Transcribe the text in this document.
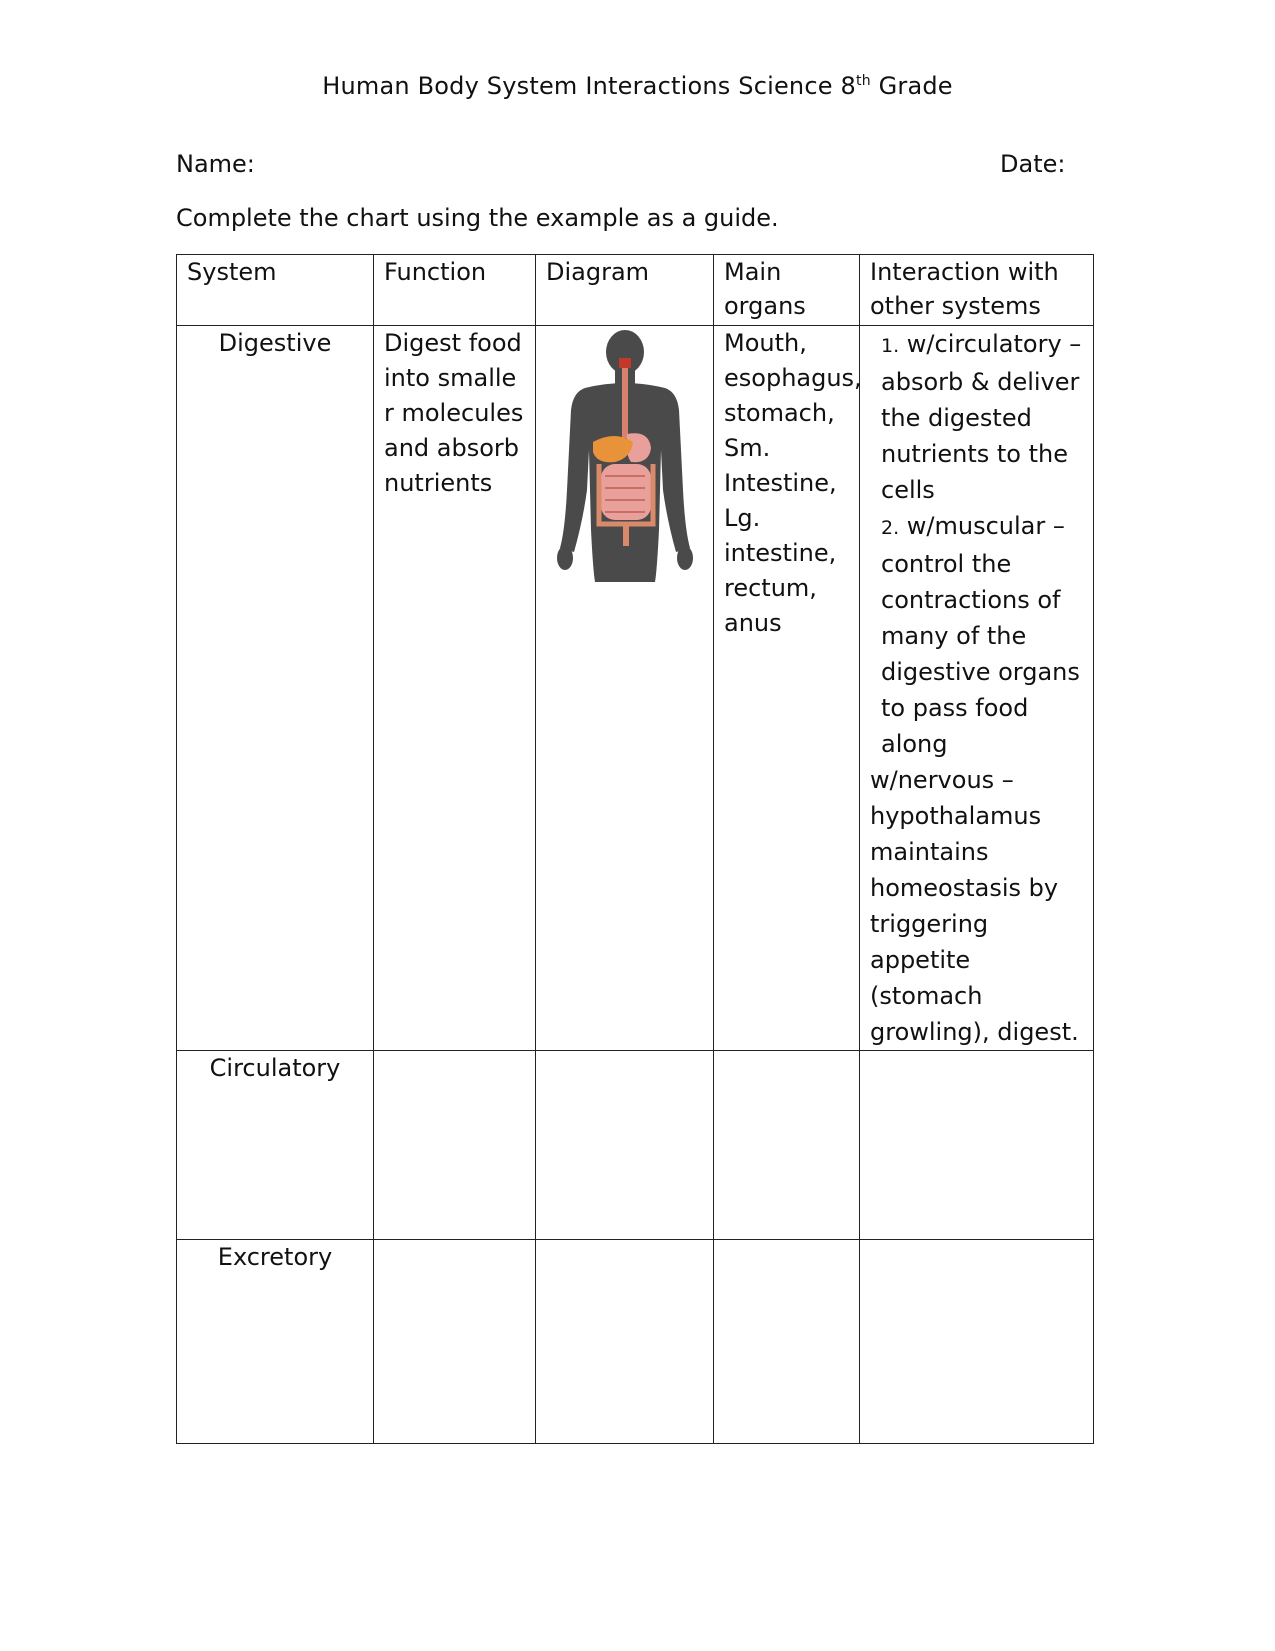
Human Body System Interactions Science 8th Grade
Name:	Date:
Complete the chart using the example as a guide.
System	Function	Diagram	Main organs	Interaction with other systems

Digestive	Digest food into smaller molecules and absorb nutrients		Mouth, esophagus, stomach, Sm. Intestine, Lg. intestine, rectum, anus	1. w/circulatory – absorb & deliver the digested nutrients to the cells
2. w/muscular – control the contractions of many of the digestive organs to pass food along
w/nervous – hypothalamus maintains homeostasis by triggering appetite (stomach growling), digest.

Circulatory				

Excretory				
